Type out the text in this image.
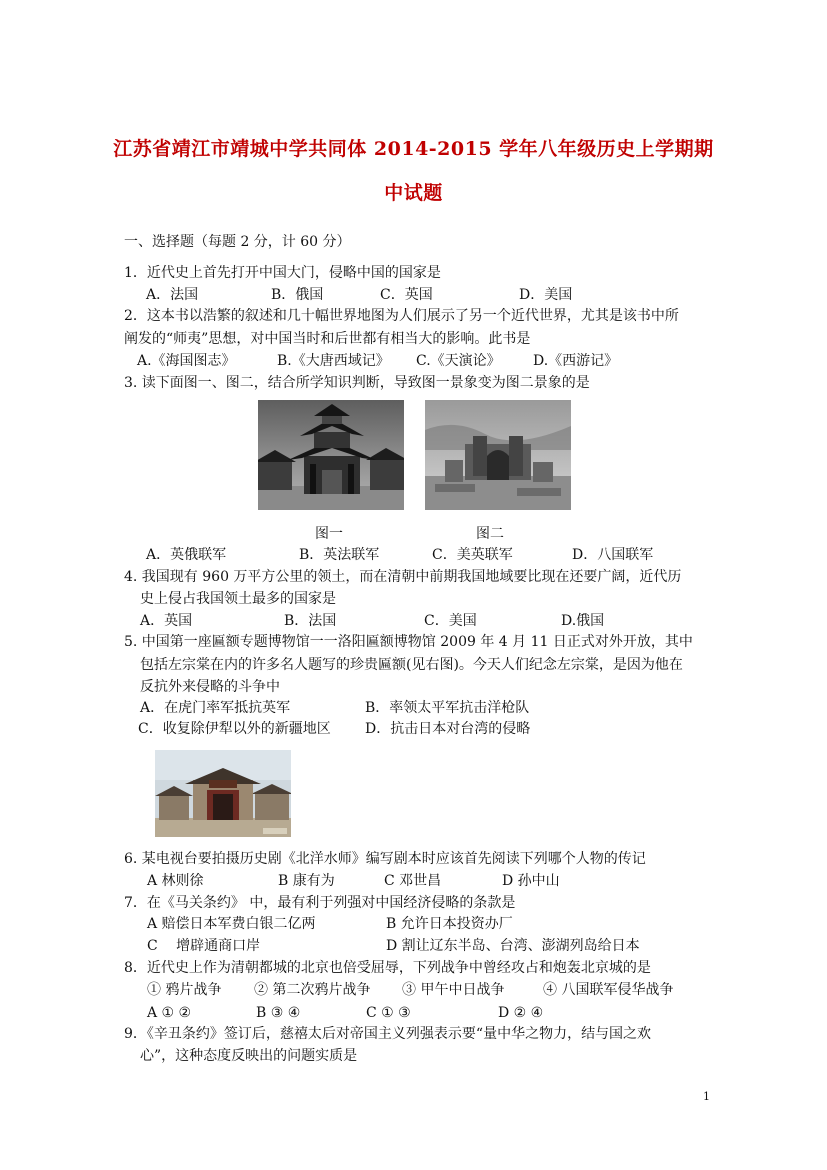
江苏省靖江市靖城中学共同体 2014-2015 学年八年级历史上学期期
中试题
一、选择题（每题 2 分，计 60 分）
1．近代史上首先打开中国大门，侵略中国的国家是
A．法国	B．俄国	C．英国	D．美国
2．这本书以浩繁的叙述和几十幅世界地图为人们展示了另一个近代世界，尤其是该书中所
阐发的“师夷”思想，对中国当时和后世都有相当大的影响。此书是
A.《海国图志》	B.《大唐西域记》 C.《天演论》 D.《西游记》
3. 读下面图一、图二，结合所学知识判断，导致图一景象变为图二景象的是
图一	图二
A．英俄联军	B．英法联军	C．美英联军	D．八国联军
4. 我国现有 960 万平方公里的领土，而在清朝中前期我国地域要比现在还要广阔，近代历
史上侵占我国领土最多的国家是
A．英国	B．法国	C．美国	D.俄国
5. 中国第一座匾额专题博物馆一一洛阳匾额博物馆 2009 年 4 月 11 日正式对外开放，其中
包括左宗棠在内的许多名人题写的珍贵匾额(见右图)。今天人们纪念左宗棠，是因为他在
反抗外来侵略的斗争中
A．在虎门率军抵抗英军	B．率领太平军抗击洋枪队
C．收复除伊犁以外的新疆地区 D．抗击日本对台湾的侵略
6. 某电视台要拍摄历史剧《北洋水师》编写剧本时应该首先阅读下列哪个人物的传记
A 林则徐	B 康有为	C 邓世昌	D 孙中山
7．在《马关条约》 中，最有利于列强对中国经济侵略的条款是
A 赔偿日本军费白银二亿两	B 允许日本投资办厂
C　 增辟通商口岸	D 割让辽东半岛、台湾、澎湖列岛给日本
8．近代史上作为清朝都城的北京也倍受屈辱，下列战争中曾经攻占和炮轰北京城的是
① 鸦片战争 ② 第二次鸦片战争 ③ 甲午中日战争	④ 八国联军侵华战争
A ① ②	B ③ ④	C ① ③	D ② ④
9．《辛丑条约》签订后，慈禧太后对帝国主义列强表示要“量中华之物力，结与国之欢
心”，这种态度反映出的问题实质是
1
